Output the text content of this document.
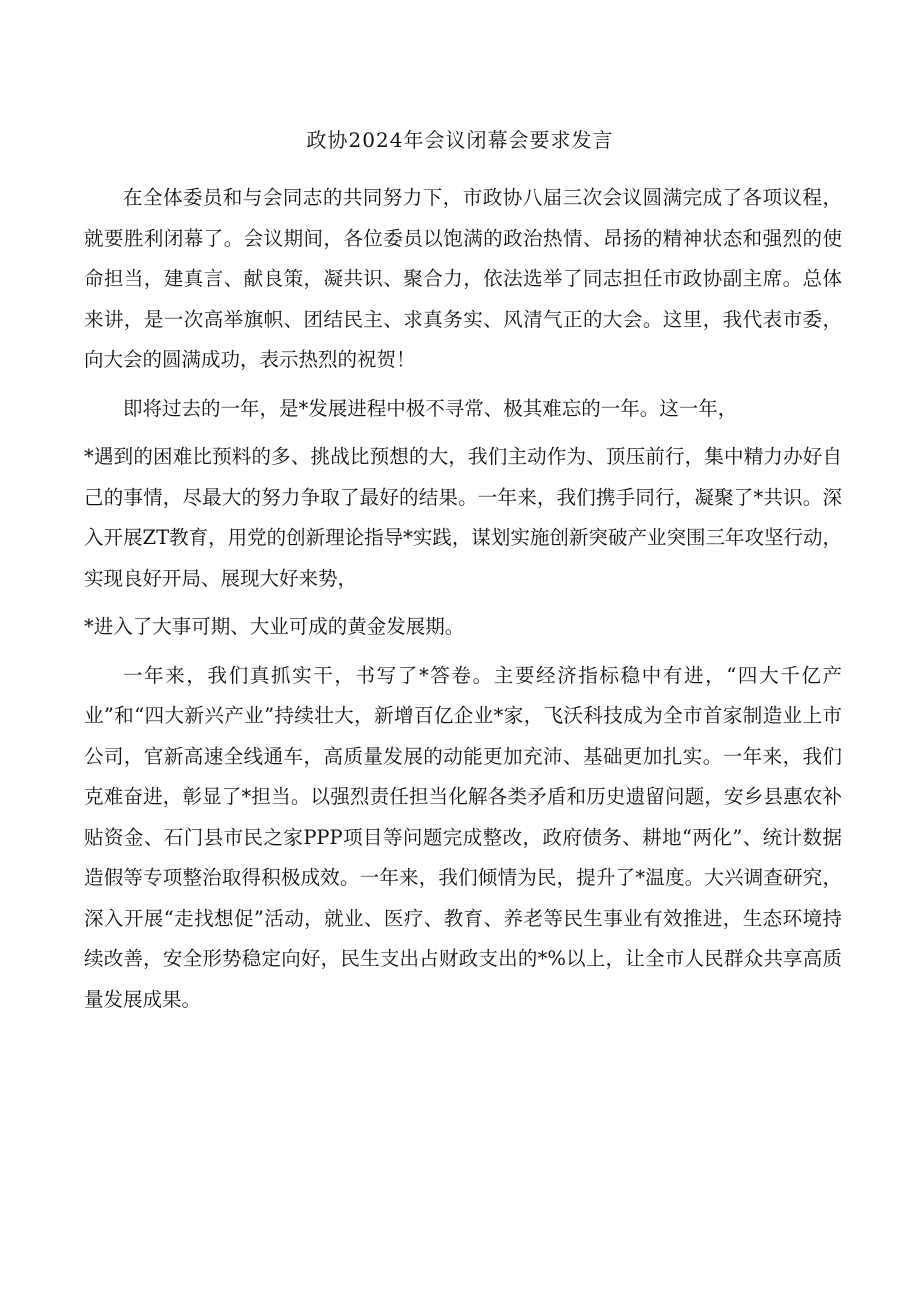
政协2024年会议闭幕会要求发言

在全体委员和与会同志的共同努力下，市政协八届三次会议圆满完成了各项议程，就要胜利闭幕了。会议期间，各位委员以饱满的政治热情、昂扬的精神状态和强烈的使命担当，建真言、献良策，凝共识、聚合力，依法选举了同志担任市政协副主席。总体来讲，是一次高举旗帜、团结民主、求真务实、风清气正的大会。这里，我代表市委，向大会的圆满成功，表示热烈的祝贺！

即将过去的一年，是*发展进程中极不寻常、极其难忘的一年。这一年，

*遇到的困难比预料的多、挑战比预想的大，我们主动作为、顶压前行，集中精力办好自己的事情，尽最大的努力争取了最好的结果。一年来，我们携手同行，凝聚了*共识。深入开展ZT教育，用党的创新理论指导*实践，谋划实施创新突破产业突围三年攻坚行动，实现良好开局、展现大好来势，

*进入了大事可期、大业可成的黄金发展期。

一年来，我们真抓实干，书写了*答卷。主要经济指标稳中有进，“四大千亿产业”和“四大新兴产业”持续壮大，新增百亿企业*家，飞沃科技成为全市首家制造业上市公司，官新高速全线通车，高质量发展的动能更加充沛、基础更加扎实。一年来，我们克难奋进，彰显了*担当。以强烈责任担当化解各类矛盾和历史遗留问题，安乡县惠农补贴资金、石门县市民之家PPP项目等问题完成整改，政府债务、耕地“两化”、统计数据造假等专项整治取得积极成效。一年来，我们倾情为民，提升了*温度。大兴调查研究，深入开展“走找想促”活动，就业、医疗、教育、养老等民生事业有效推进，生态环境持续改善，安全形势稳定向好，民生支出占财政支出的*%以上，让全市人民群众共享高质量发展成果。
